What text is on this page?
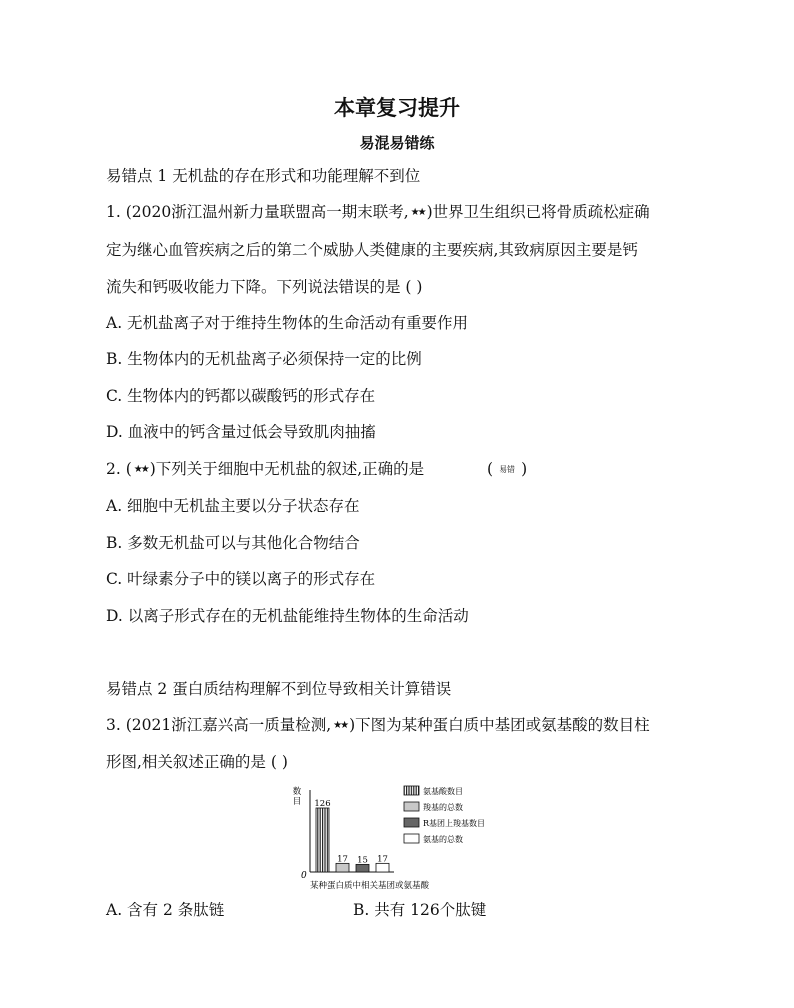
本章复习提升
易混易错练
易错点 1 无机盐的存在形式和功能理解不到位
1. (2020浙江温州新力量联盟高一期末联考, ★★ )世界卫生组织已将骨质疏松症确
定为继心血管疾病之后的第二个威胁人类健康的主要疾病,其致病原因主要是钙
流失和钙吸收能力下降。下列说法错误的是 ( )
A. 无机盐离子对于维持生物体的生命活动有重要作用
B. 生物体内的无机盐离子必须保持一定的比例
C. 生物体内的钙都以碳酸钙的形式存在
D. 血液中的钙含量过低会导致肌肉抽搐
2. ( ★★ )下列关于细胞中无机盐的叙述,正确的是	( 易错 )
A. 细胞中无机盐主要以分子状态存在
B. 多数无机盐可以与其他化合物结合
C. 叶绿素分子中的镁以离子的形式存在
D. 以离子形式存在的无机盐能维持生物体的生命活动
易错点 2 蛋白质结构理解不到位导致相关计算错误
3. (2021浙江嘉兴高一质量检测, ★★ )下图为某种蛋白质中基团或氨基酸的数目柱
形图,相关叙述正确的是 ( )
数目
0
某种蛋白质中相关基团或氨基酸
126
17 15 17
氨基酸数目
羧基的总数
R基团上羧基数目
氨基的总数
A. 含有 2 条肽链	B. 共有 126个肽键
